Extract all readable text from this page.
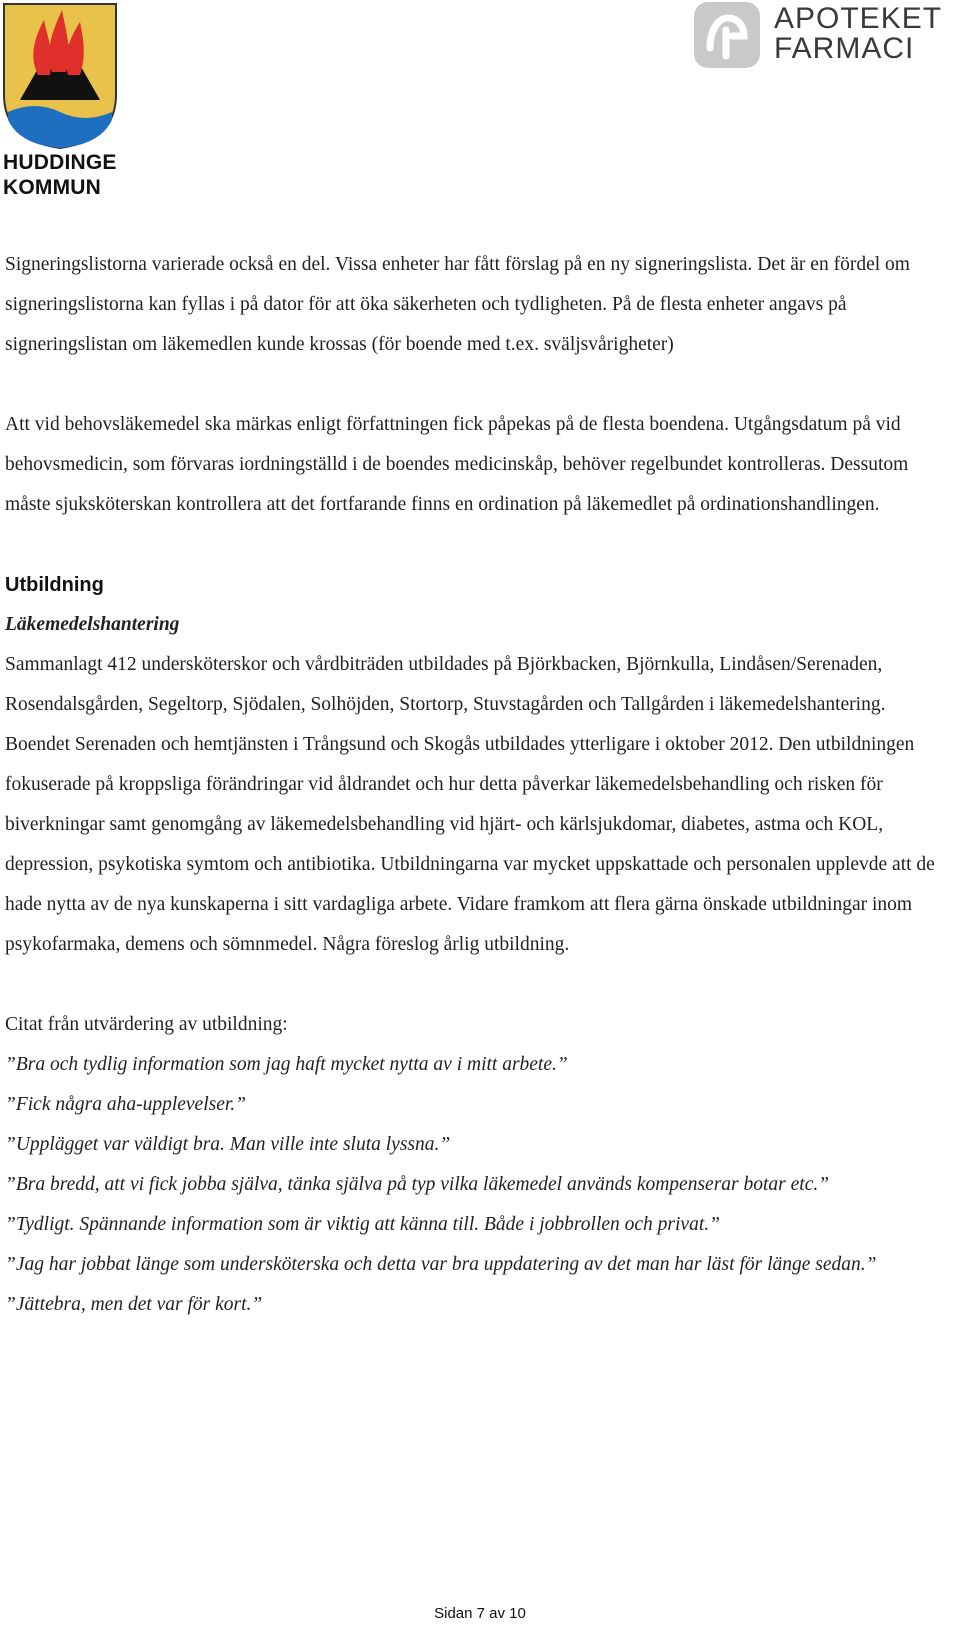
HUDDINGE
KOMMUN
APOTEKET
FARMACI

Signeringslistorna varierade också en del. Vissa enheter har fått förslag på en ny signeringslista. Det är en fördel om signeringslistorna kan fyllas i på dator för att öka säkerheten och tydligheten. På de flesta enheter angavs på signeringslistan om läkemedlen kunde krossas (för boende med t.ex. sväljsvårigheter)

Att vid behovsläkemedel ska märkas enligt författningen fick påpekas på de flesta boendena. Utgångsdatum på vid behovsmedicin, som förvaras iordningställd i de boendes medicinskåp, behöver regelbundet kontrolleras. Dessutom måste sjuksköterskan kontrollera att det fortfarande finns en ordination på läkemedlet på ordinationshandlingen.

Utbildning
Läkemedelshantering

Sammanlagt 412 undersköterskor och vårdbiträden utbildades på Björkbacken, Björnkulla, Lindåsen/Serenaden, Rosendalsgården, Segeltorp, Sjödalen, Solhöjden, Stortorp, Stuvstagården och Tallgården i läkemedelshantering. Boendet Serenaden och hemtjänsten i Trångsund och Skogås utbildades ytterligare i oktober 2012. Den utbildningen fokuserade på kroppsliga förändringar vid åldrandet och hur detta påverkar läkemedelsbehandling och risken för biverkningar samt genomgång av läkemedelsbehandling vid hjärt- och kärlsjukdomar, diabetes, astma och KOL, depression, psykotiska symtom och antibiotika. Utbildningarna var mycket uppskattade och personalen upplevde att de hade nytta av de nya kunskaperna i sitt vardagliga arbete. Vidare framkom att flera gärna önskade utbildningar inom psykofarmaka, demens och sömnmedel. Några föreslog årlig utbildning.

Citat från utvärdering av utbildning:

”Bra och tydlig information som jag haft mycket nytta av i mitt arbete.”

”Fick några aha-upplevelser.”

”Upplägget var väldigt bra. Man ville inte sluta lyssna.”

”Bra bredd, att vi fick jobba själva, tänka själva på typ vilka läkemedel används kompenserar botar etc.”

”Tydligt. Spännande information som är viktig att känna till. Både i jobbrollen och privat.”

”Jag har jobbat länge som undersköterska och detta var bra uppdatering av det man har läst för länge sedan.”

”Jättebra, men det var för kort.”

Sidan 7 av 10
